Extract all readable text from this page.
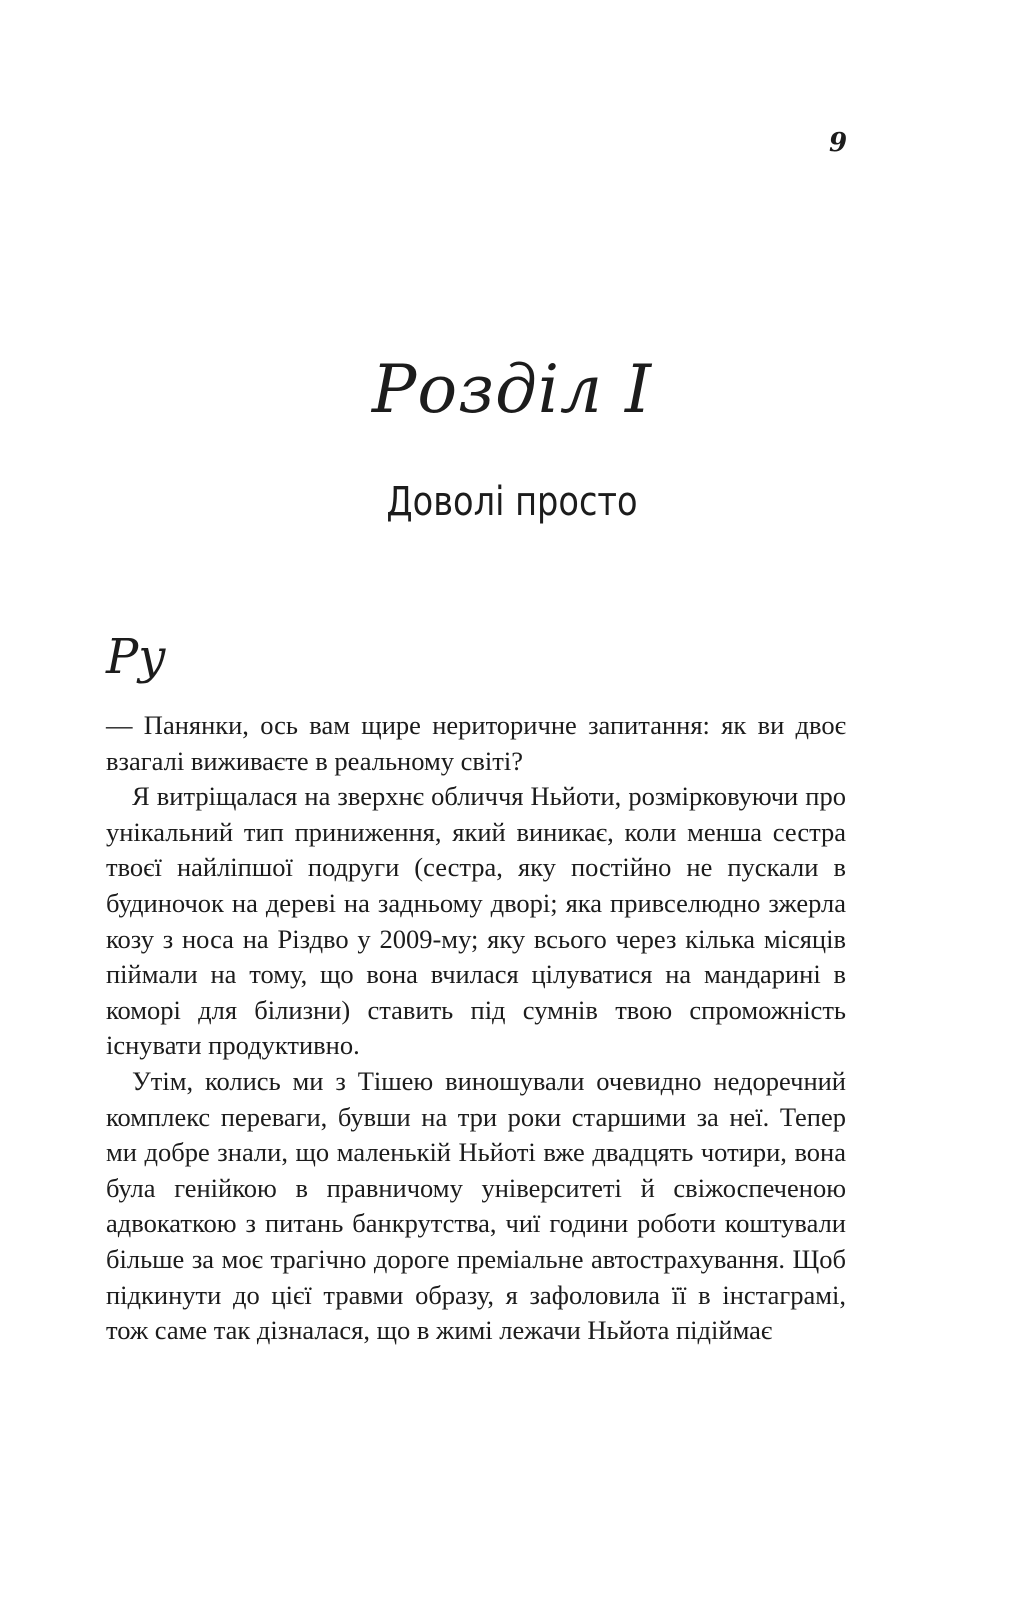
9
Розділ I
Доволі просто
Ру

— Панянки, ось вам щире нериторичне запитання: як ви двоє взагалі виживаєте в реальному світі?

Я витріщалася на зверхнє обличчя Ньйоти, розмірковуючи про унікальний тип приниження, який виникає, коли менша сестра твоєї найліпшої подруги (сестра, яку постійно не пускали в будиночок на дереві на задньому дворі; яка привселюдно зжерла козу з носа на Різдво у 2009-му; яку всього через кілька місяців піймали на тому, що вона вчилася цілуватися на мандарині в коморі для білизни) ставить під сумнів твою спроможність існувати продуктивно.

Утім, колись ми з Тішею виношували очевидно недоречний комплекс переваги, бувши на три роки старшими за неї. Тепер ми добре знали, що маленькій Ньйоті вже двадцять чотири, вона була генійкою в правничому університеті й свіжоспеченою адвокаткою з питань банкрутства, чиї години роботи коштували більше за моє трагічно дороге преміальне автострахування. Щоб підкинути до цієї травми образу, я зафоловила її в інстаграмі, тож саме так дізналася, що в жимі лежачи Ньйота підіймає
